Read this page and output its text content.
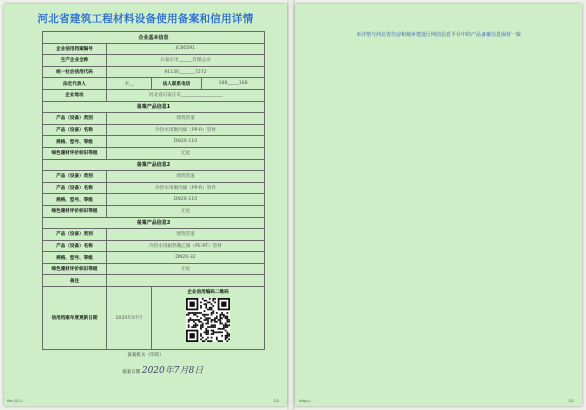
河北省建筑工程材料设备使用备案和信用详情
企业基本信息			
企业信用档案编号	JC80591		
生产企业全称	石家庄市______有限公司		
统一社会信用代码	91130_______7272		
法定代表人	李__	法人联系电话	188_____168
企业地址	河北省石家庄市__________________		
备案产品信息1			
产品（设备）类别	建筑管道		
产品（设备）名称	冷热水用聚丙烯（PP-R）管材		
规格、型号、等级	DN20-110		
绿色建材评价标识等级	无星		
备案产品信息2			
产品（设备）类别	建筑管道		
产品（设备）名称	冷热水用聚丙烯（PP-R）管件		
规格、型号、等级	DN20-110		
绿色建材评价标识等级	无星		
备案产品信息3			
产品（设备）类别	建筑管道		
产品（设备）名称	冷热水用耐热聚乙烯（PE-RT）管材		
规格、型号、等级	DN20-32		
绿色建材评价标识等级	无星		
备注			
信用档案年度更新日期	2020年07月	企业信用编码二维码	
备案机关（印章）
备案日期 2020年7月8日
file:///C:/...	1/2
本详情与河北省住房和城乡建设厅网站信息平台中的产品备案信息保持一致
http://...	2/2
